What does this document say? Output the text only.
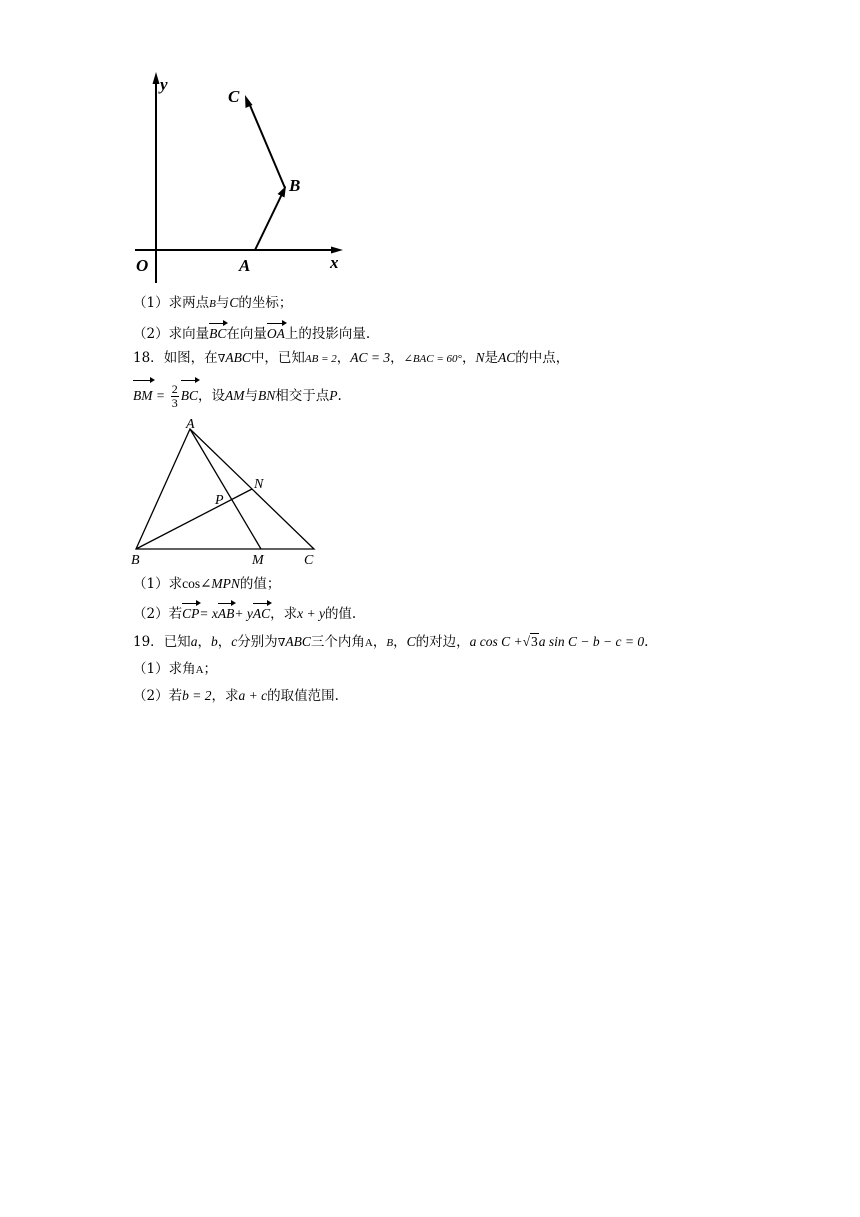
y
x
O	A
B
C
（1）求两点B与C的坐标；
（2）求向量BC在向量OA上的投影向量.
18．如图，在∇ABC中，已知AB = 2，AC = 3，∠BAC = 60°，N是AC的中点，
BM = $\frac{2}{3}$ BC，设AM与BN相交于点P.
A
B	C
M
N
P
（1）求cos∠MPN的值；
（2）若CP= xAB+ yAC，求x + y的值.
19．已知a，b，c分别为∇ABC三个内角A，B，C的对边，a cos C +√3a sin C − b − c = 0.
（1）求角A；
（2）若b = 2，求a + c的取值范围.
